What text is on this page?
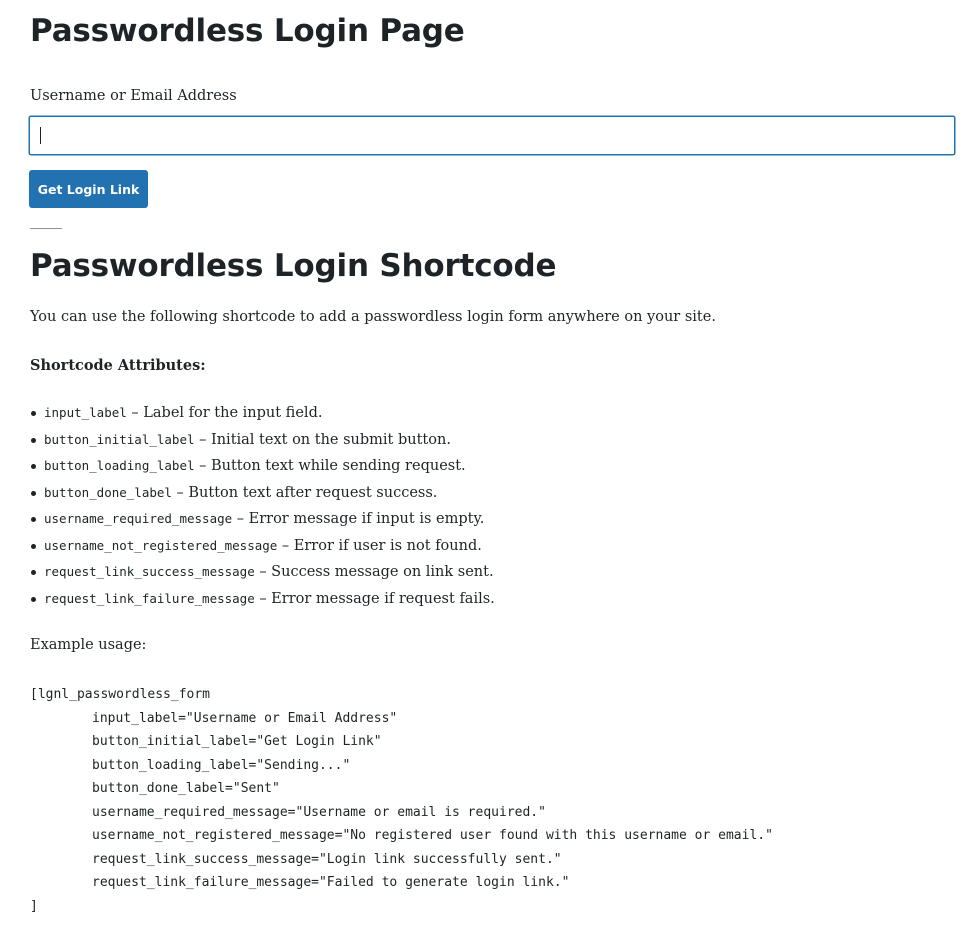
Passwordless Login Page
Username or Email Address
Get Login Link
Passwordless Login Shortcode

You can use the following shortcode to add a passwordless login form anywhere on your site.

Shortcode Attributes:

input_label – Label for the input field.
button_initial_label – Initial text on the submit button.
button_loading_label – Button text while sending request.
button_done_label – Button text after request success.
username_required_message – Error message if input is empty.
username_not_registered_message – Error if user is not found.
request_link_success_message – Success message on link sent.
request_link_failure_message – Error message if request fails.

Example usage:

[lgnl_passwordless_form
input_label="Username or Email Address"
button_initial_label="Get Login Link"
button_loading_label="Sending..."
button_done_label="Sent"
username_required_message="Username or email is required."
username_not_registered_message="No registered user found with this username or email."
request_link_success_message="Login link successfully sent."
request_link_failure_message="Failed to generate login link."
]
